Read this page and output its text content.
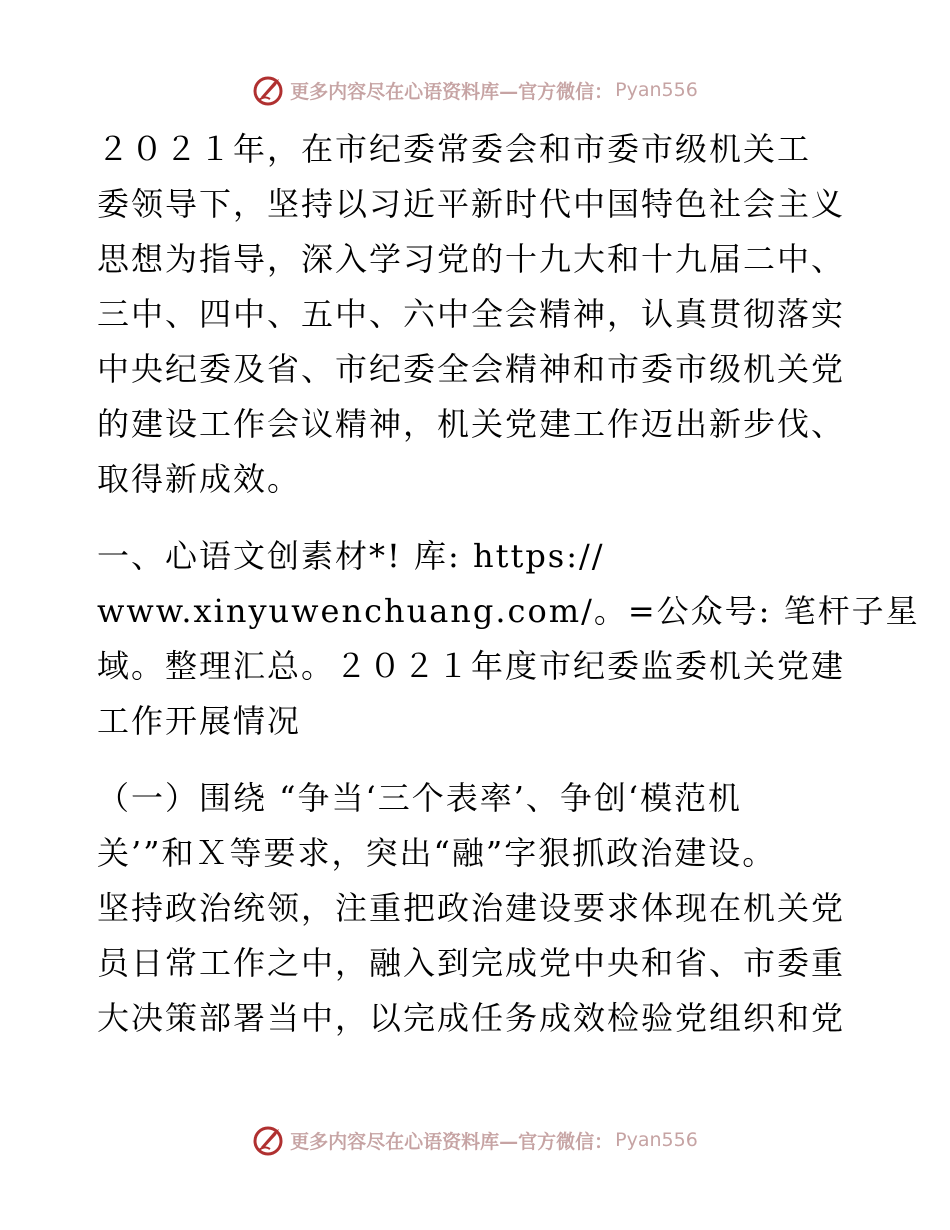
更多内容尽在心语资料库—官方微信： Pyan556
２０２１年，在市纪委常委会和市委市级机关工
委领导下，坚持以习近平新时代中国特色社会主义
思想为指导，深入学习党的十九大和十九届二中、
三中、四中、五中、六中全会精神，认真贯彻落实
中央纪委及省、市纪委全会精神和市委市级机关党
的建设工作会议精神，机关党建工作迈出新步伐、
取得新成效。
一、心语文创素材*! 库: https://
www.xinyuwenchuang.com/。=公众号: 笔杆子星
域。整理汇总。２０２１年度市纪委监委机关党建
工作开展情况
（一）围绕 “争当‘三个表率’、争创‘模范机
关’”和Ｘ等要求，突出“融”字狠抓政治建设。
坚持政治统领，注重把政治建设要求体现在机关党
员日常工作之中，融入到完成党中央和省、市委重
大决策部署当中，以完成任务成效检验党组织和党
更多内容尽在心语资料库—官方微信： Pyan556
